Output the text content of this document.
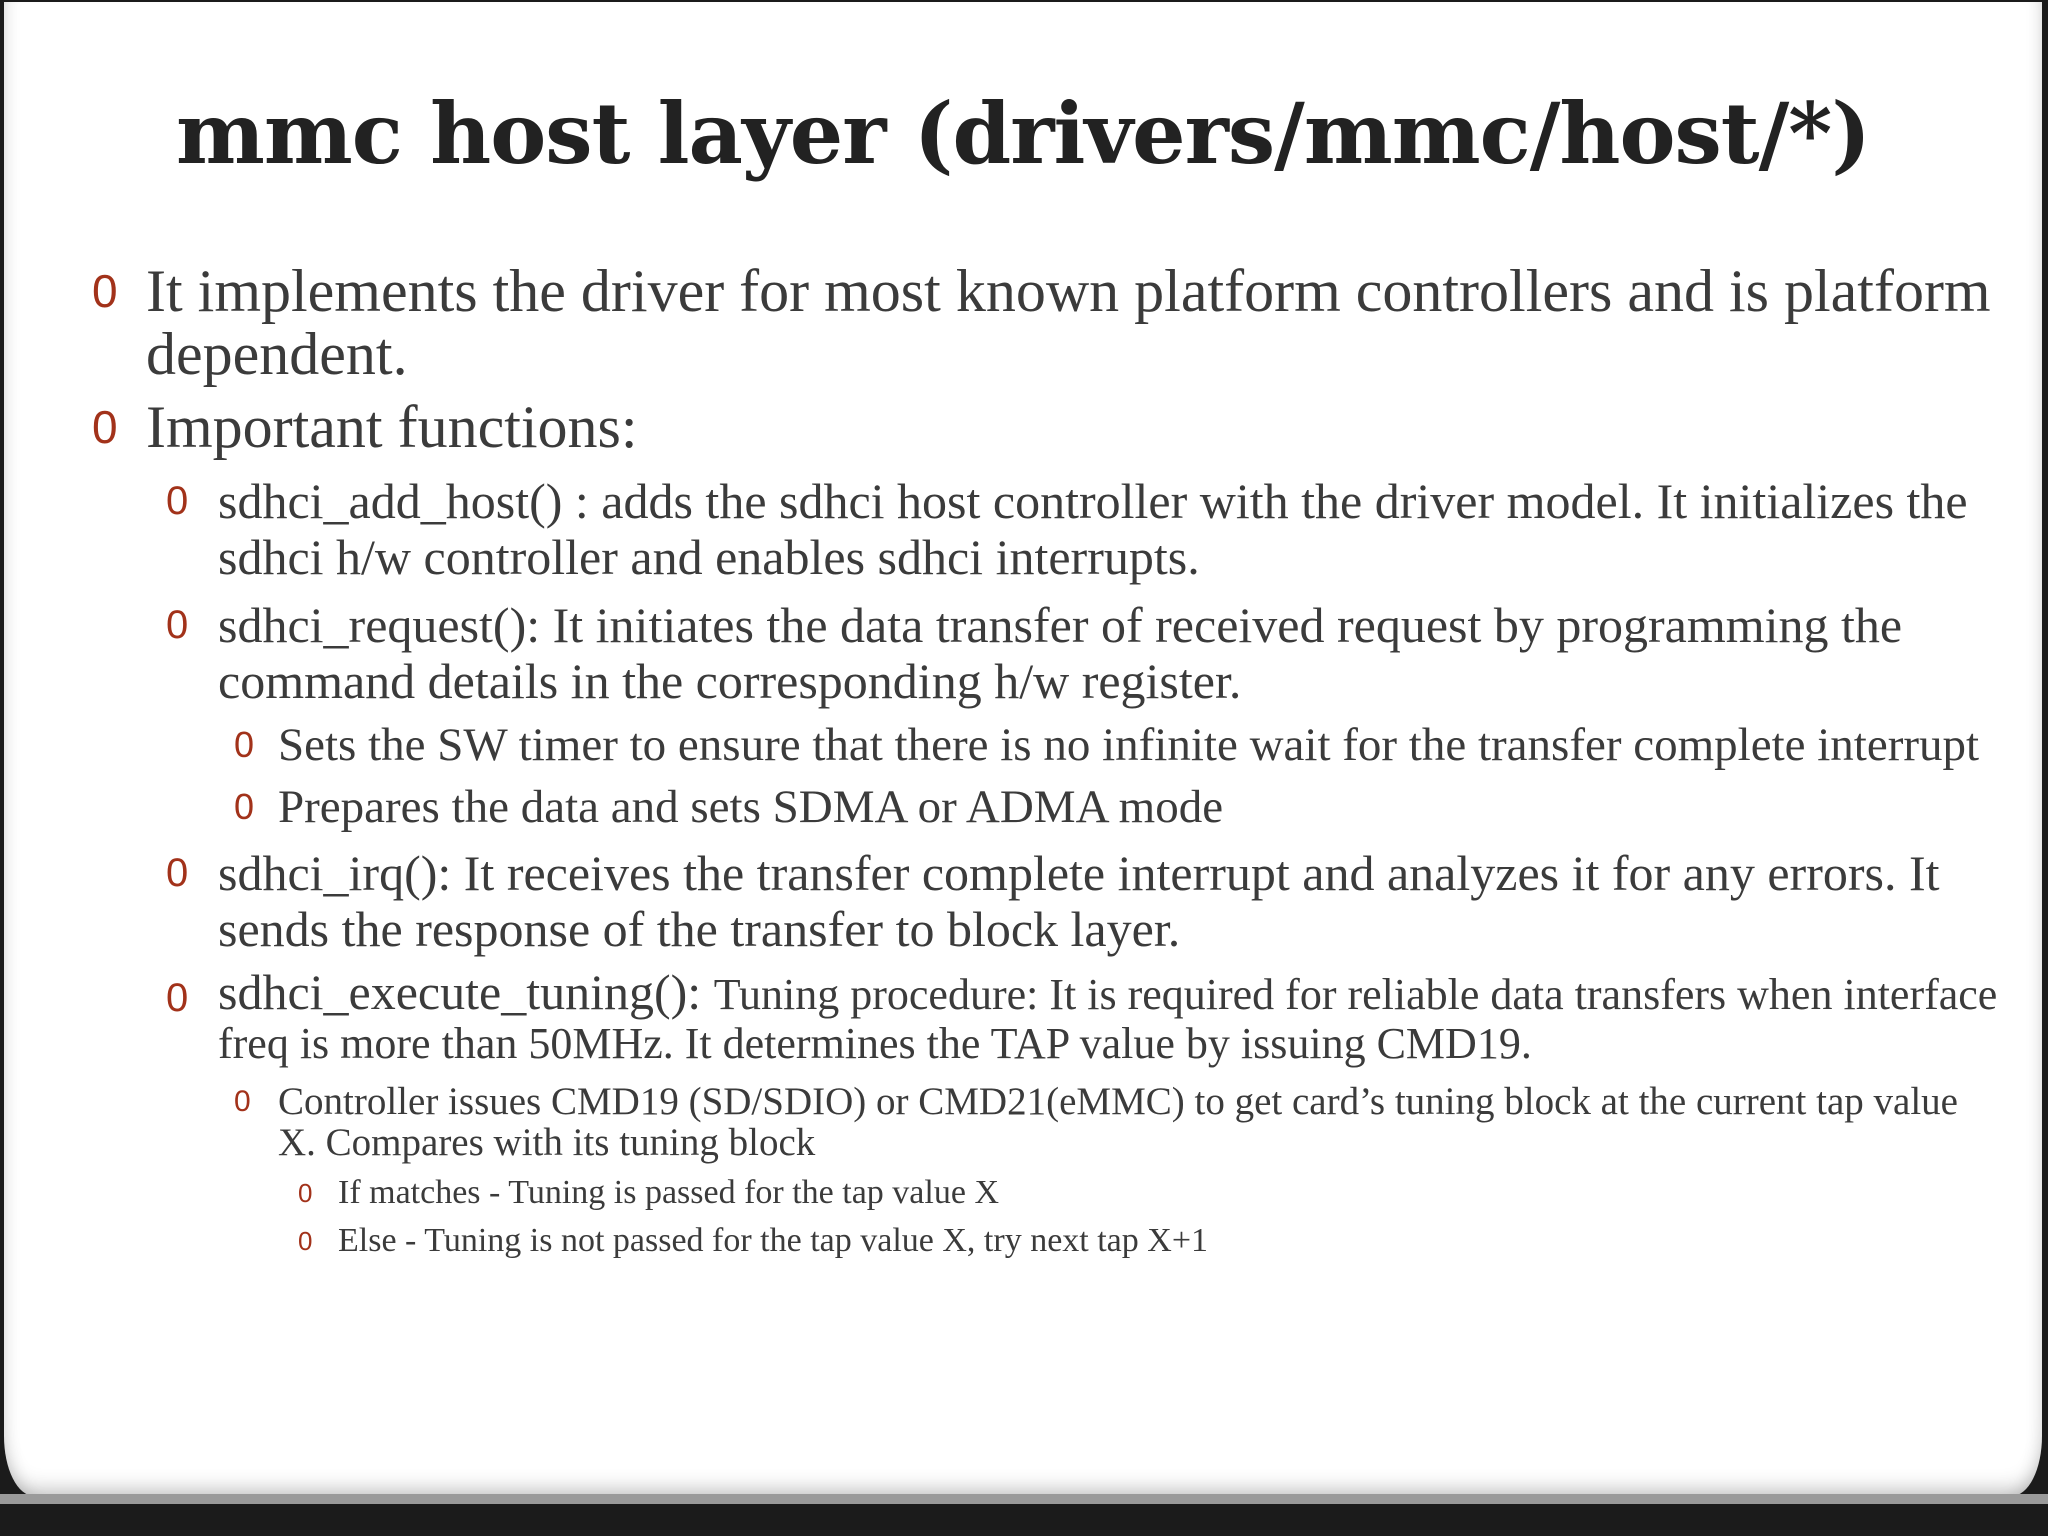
mmc host layer (drivers/mmc/host/*)
0 It implements the driver for most known platform controllers and is platform dependent.
0 Important functions:
0 sdhci_add_host() : adds the sdhci host controller with the driver model. It initializes the sdhci h/w controller and enables sdhci interrupts.
0 sdhci_request(): It initiates the data transfer of received request by programming the command details in the corresponding h/w register.
0 Sets the SW timer to ensure that there is no infinite wait for the transfer complete interrupt
0 Prepares the data and sets SDMA or ADMA mode
0 sdhci_irq(): It receives the transfer complete interrupt and analyzes it for any errors. It sends the response of the transfer to block layer.
0 sdhci_execute_tuning(): Tuning procedure: It is required for reliable data transfers when interface freq is more than 50MHz. It determines the TAP value by issuing CMD19.
0 Controller issues CMD19 (SD/SDIO) or CMD21(eMMC) to get card’s tuning block at the current tap value X. Compares with its tuning block
0 If matches - Tuning is passed for the tap value X
0 Else - Tuning is not passed for the tap value X, try next tap X+1
